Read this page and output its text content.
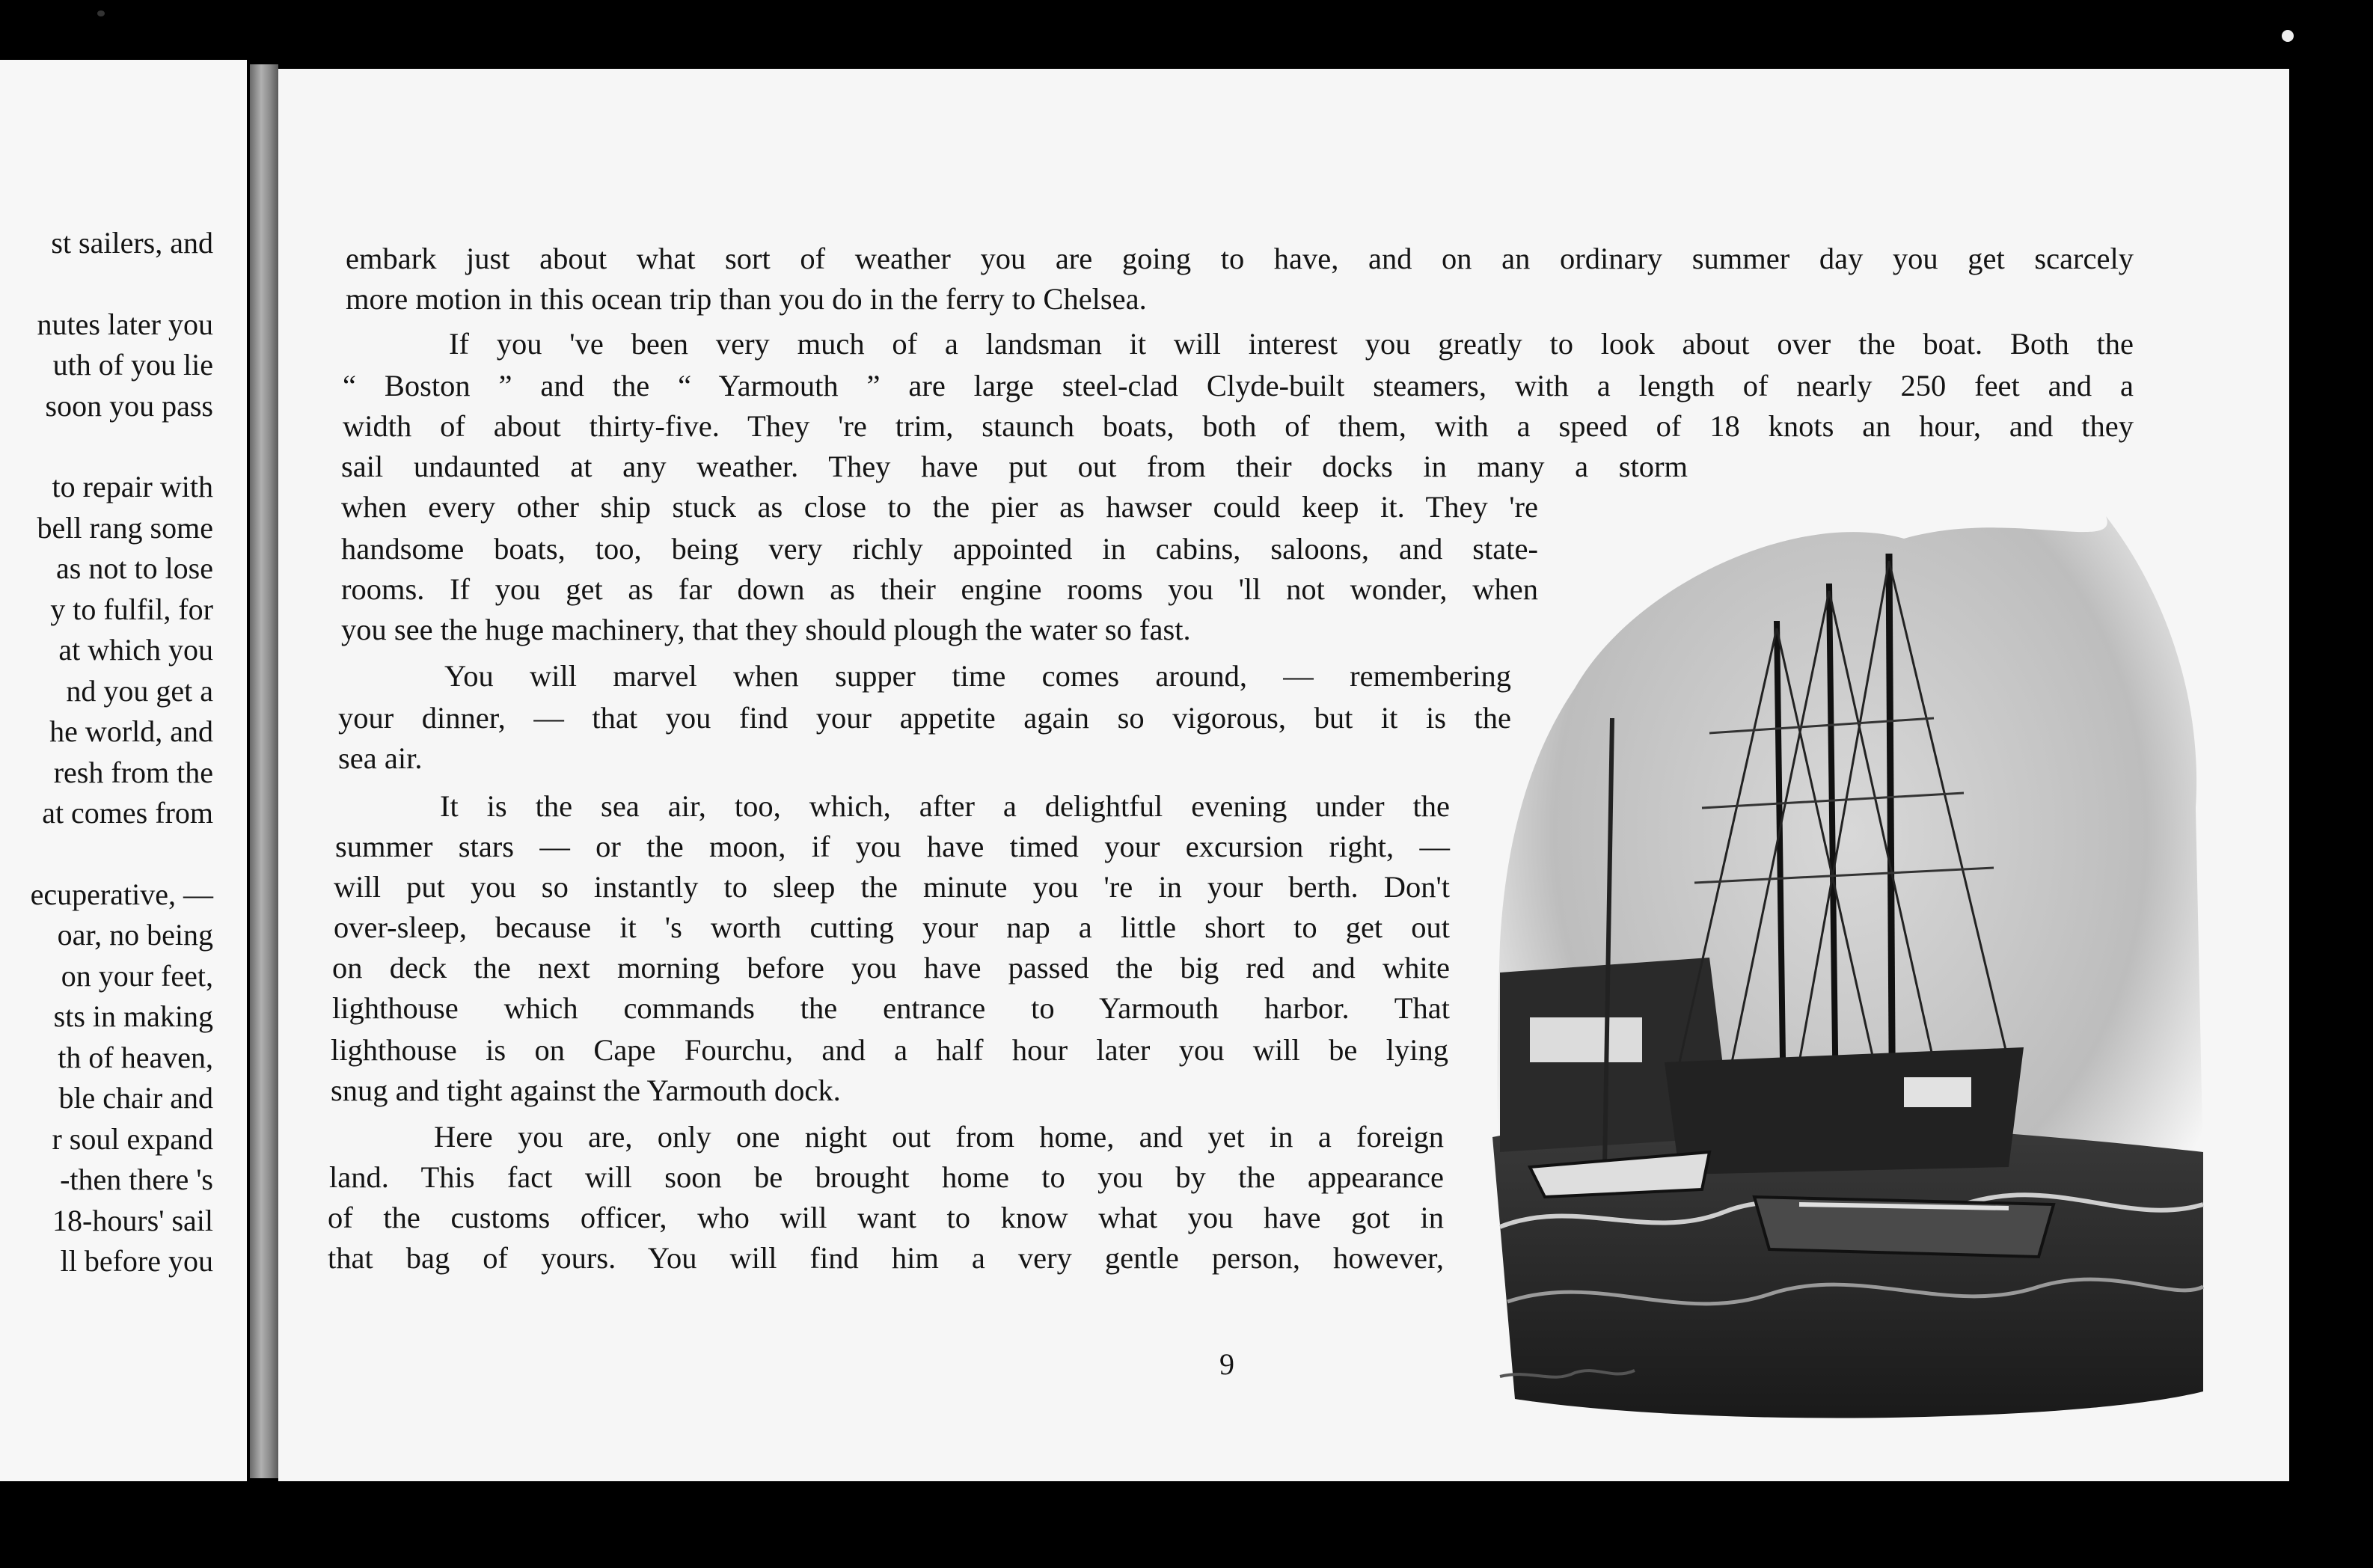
st sailers, and
nutes later you
uth of you lie
soon you pass
to repair with
bell rang some
as not to lose
y to fulfil, for
at which you
nd you get a
he world, and
resh from the
at comes from
ecuperative, —
oar, no being
on your feet,
sts in making
th of heaven,
ble chair and
r soul expand
-then there 's
18-hours' sail
ll before you
embark just about what sort of weather you are going to have, and on an ordinary summer day you get scarcely
more motion in this ocean trip than you do in the ferry to Chelsea.
If you 've been very much of a landsman it will interest you greatly to look about over the boat. Both the
“ Boston ” and the “ Yarmouth ” are large steel-clad Clyde-built steamers, with a length of nearly 250 feet and a
width of about thirty-five. They 're trim, staunch boats, both of them, with a speed of 18 knots an hour, and they
sail undaunted at any weather. They have put out from their docks in many a storm
when every other ship stuck as close to the pier as hawser could keep it. They 're
handsome boats, too, being very richly appointed in cabins, saloons, and state-
rooms. If you get as far down as their engine rooms you 'll not wonder, when
you see the huge machinery, that they should plough the water so fast.
You will marvel when supper time comes around, — remembering
your dinner, — that you find your appetite again so vigorous, but it is the
sea air.
It is the sea air, too, which, after a delightful evening under the
summer stars — or the moon, if you have timed your excursion right, —
will put you so instantly to sleep the minute you 're in your berth. Don't
over-sleep, because it 's worth cutting your nap a little short to get out
on deck the next morning before you have passed the big red and white
lighthouse which commands the entrance to Yarmouth harbor. That
lighthouse is on Cape Fourchu, and a half hour later you will be lying
snug and tight against the Yarmouth dock.
Here you are, only one night out from home, and yet in a foreign
land. This fact will soon be brought home to you by the appearance
of the customs officer, who will want to know what you have got in
that bag of yours. You will find him a very gentle person, however,
9
